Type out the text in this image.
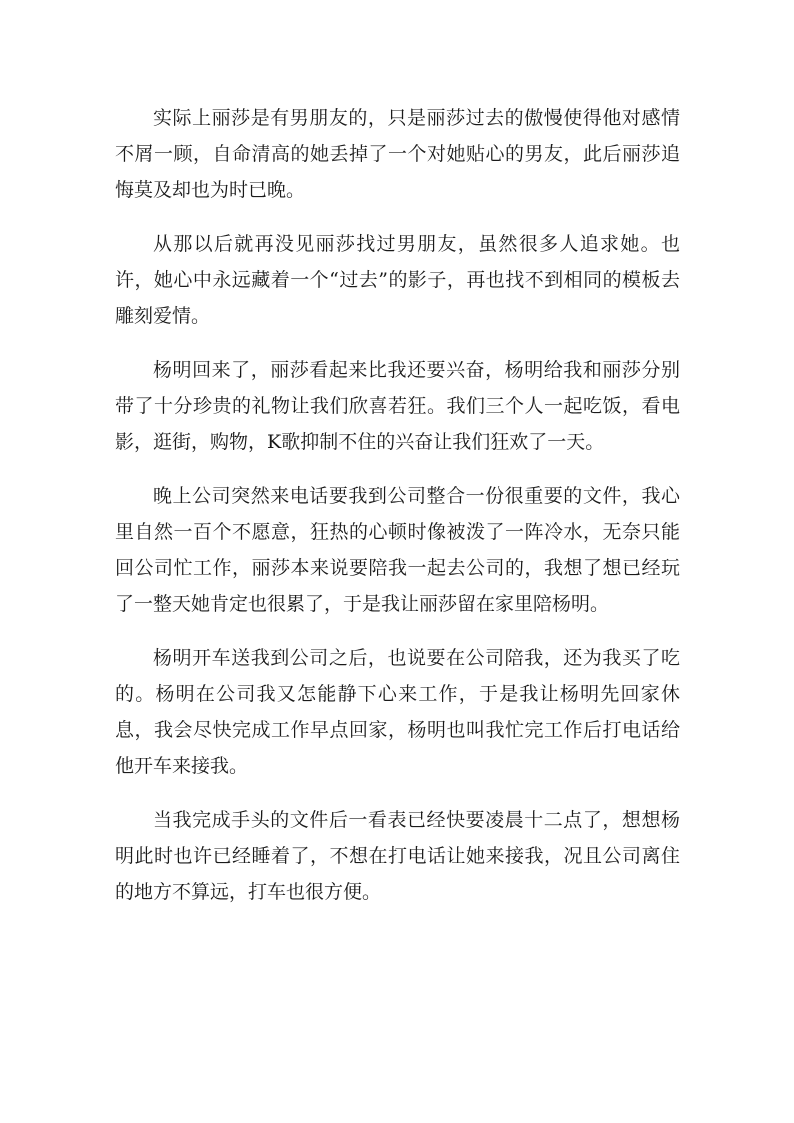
实际上丽莎是有男朋友的，只是丽莎过去的傲慢使得他对感情不屑一顾，自命清高的她丢掉了一个对她贴心的男友，此后丽莎追悔莫及却也为时已晚。

从那以后就再没见丽莎找过男朋友，虽然很多人追求她。也许，她心中永远藏着一个“过去”的影子，再也找不到相同的模板去雕刻爱情。

杨明回来了，丽莎看起来比我还要兴奋，杨明给我和丽莎分别带了十分珍贵的礼物让我们欣喜若狂。我们三个人一起吃饭，看电影，逛街，购物，K歌抑制不住的兴奋让我们狂欢了一天。

晚上公司突然来电话要我到公司整合一份很重要的文件，我心里自然一百个不愿意，狂热的心顿时像被泼了一阵冷水，无奈只能回公司忙工作，丽莎本来说要陪我一起去公司的，我想了想已经玩了一整天她肯定也很累了，于是我让丽莎留在家里陪杨明。

杨明开车送我到公司之后，也说要在公司陪我，还为我买了吃的。杨明在公司我又怎能静下心来工作，于是我让杨明先回家休息，我会尽快完成工作早点回家，杨明也叫我忙完工作后打电话给他开车来接我。

当我完成手头的文件后一看表已经快要凌晨十二点了，想想杨明此时也许已经睡着了，不想在打电话让她来接我，况且公司离住的地方不算远，打车也很方便。
